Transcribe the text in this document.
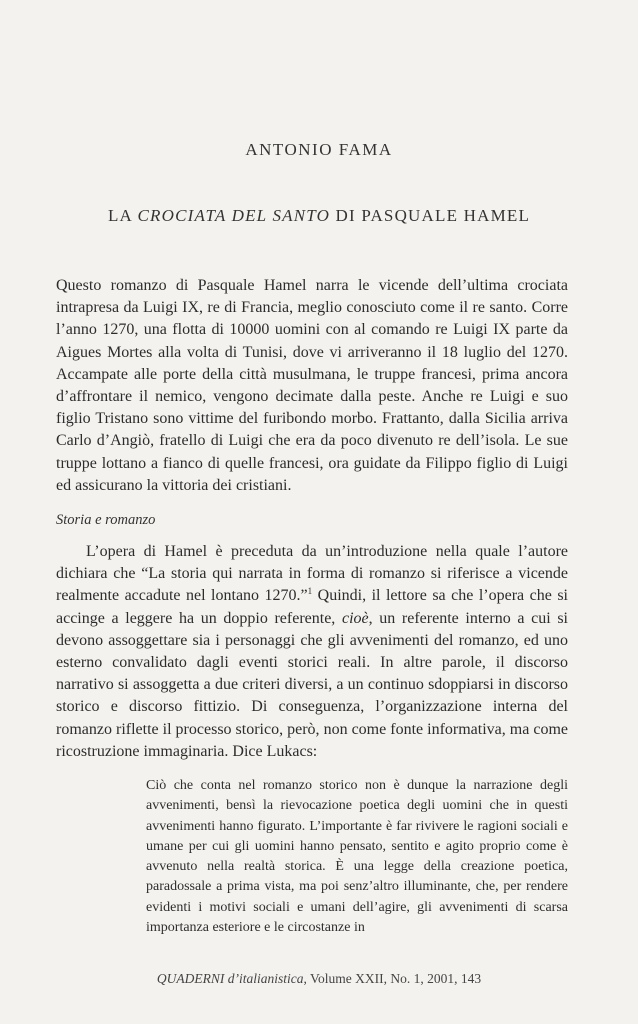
ANTONIO FAMA
LA CROCIATA DEL SANTO DI PASQUALE HAMEL
Questo romanzo di Pasquale Hamel narra le vicende dell’ultima crociata intrapresa da Luigi IX, re di Francia, meglio conosciuto come il re santo. Corre l’anno 1270, una flotta di 10000 uomini con al comando re Luigi IX parte da Aigues Mortes alla volta di Tunisi, dove vi arriveranno il 18 luglio del 1270. Accampate alle porte della città musulmana, le truppe francesi, prima ancora d’affrontare il nemico, vengono decimate dalla peste. Anche re Luigi e suo figlio Tristano sono vittime del furibondo morbo. Frattanto, dalla Sicilia arriva Carlo d’Angiò, fratello di Luigi che era da poco divenuto re dell’isola. Le sue truppe lottano a fianco di quelle francesi, ora guidate da Filippo figlio di Luigi ed assicurano la vittoria dei cristiani.
Storia e romanzo
L’opera di Hamel è preceduta da un’introduzione nella quale l’autore dichiara che “La storia qui narrata in forma di romanzo si riferisce a vicende realmente accadute nel lontano 1270.”$^1$ Quindi, il lettore sa che l’opera che si accinge a leggere ha un doppio referente, cioè, un referente interno a cui si devono assoggettare sia i personaggi che gli avvenimenti del romanzo, ed uno esterno convalidato dagli eventi storici reali. In altre parole, il discorso narrativo si assoggetta a due criteri diversi, a un continuo sdoppiarsi in discorso storico e discorso fittizio. Di conseguenza, l’organizzazione interna del romanzo riflette il processo storico, però, non come fonte informativa, ma come ricostruzione immaginaria. Dice Lukacs:
Ciò che conta nel romanzo storico non è dunque la narrazione degli avvenimenti, bensì la rievocazione poetica degli uomini che in questi avvenimenti hanno figurato. L’importante è far rivivere le ragioni sociali e umane per cui gli uomini hanno pensato, sentito e agito proprio come è avvenuto nella realtà storica. È una legge della creazione poetica, paradossale a prima vista, ma poi senz’altro illuminante, che, per rendere evidenti i motivi sociali e umani dell’agire, gli avvenimenti di scarsa importanza esteriore e le circostanze in
QUADERNI d’italianistica, Volume XXII, No. 1, 2001, 143
